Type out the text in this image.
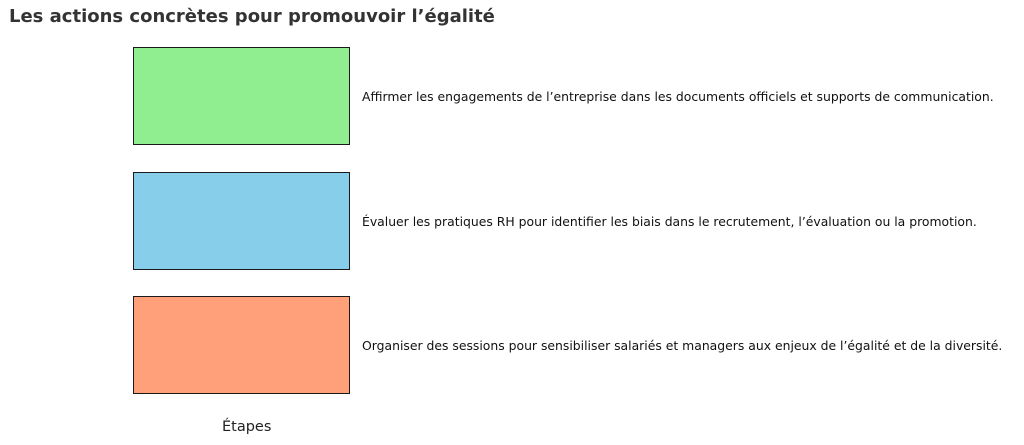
Les actions concrètes pour promouvoir l’égalité
Affirmer les engagements de l’entreprise dans les documents officiels et supports de communication.
Évaluer les pratiques RH pour identifier les biais dans le recrutement, l’évaluation ou la promotion.
Organiser des sessions pour sensibiliser salariés et managers aux enjeux de l’égalité et de la diversité.
Étapes
